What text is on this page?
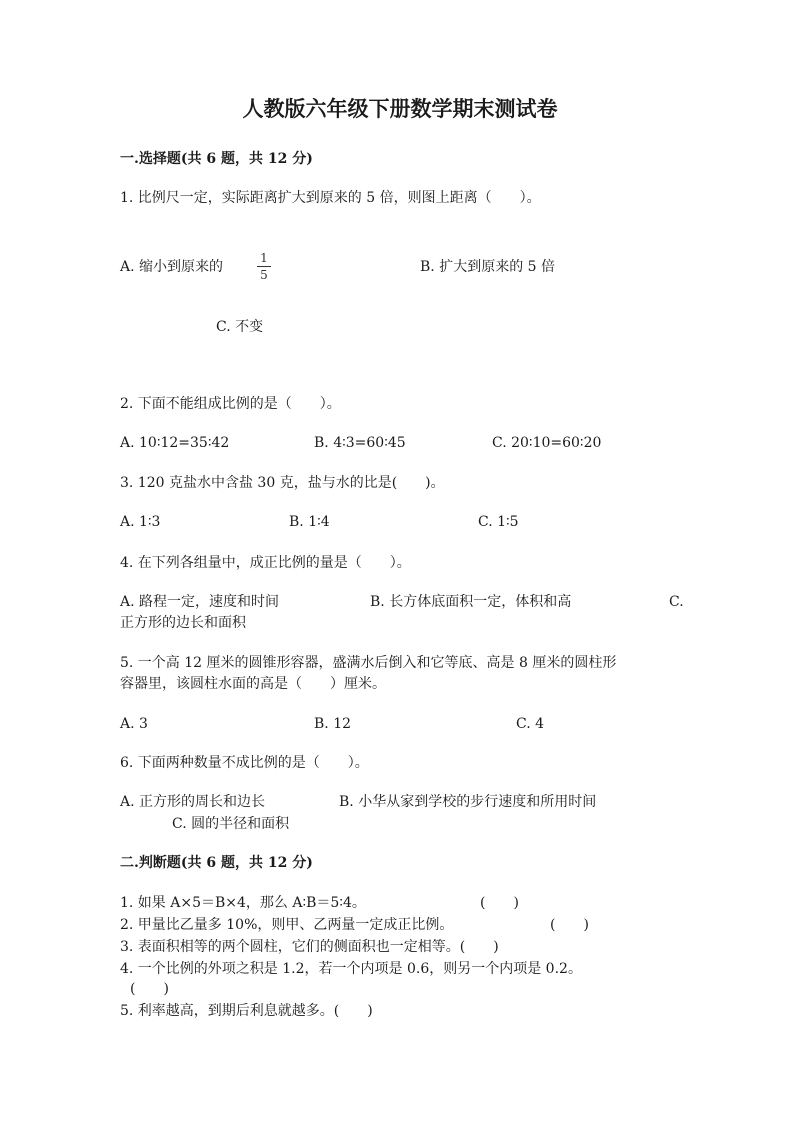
人教版六年级下册数学期末测试卷
一.选择题(共 6 题，共 12 分)
1. 比例尺一定，实际距离扩大到原来的 5 倍，则图上距离（　　）。
A. 缩小到原来的
1
5	B. 扩大到原来的 5 倍
C. 不变
2. 下面不能组成比例的是（　　）。
A. 10∶12=35∶42	B. 4∶3=60∶45	C. 20∶10=60∶20
3. 120 克盐水中含盐 30 克，盐与水的比是(　　)。
A. 1∶3	B. 1∶4	C. 1∶5
4. 在下列各组量中，成正比例的量是（　　）。
A. 路程一定，速度和时间	B. 长方体底面积一定，体积和高	C.
正方形的边长和面积
5. 一个高 12 厘米的圆锥形容器，盛满水后倒入和它等底、高是 8 厘米的圆柱形
容器里，该圆柱水面的高是（　　）厘米。
A. 3	B. 12	C. 4
6. 下面两种数量不成比例的是（　　）。
A. 正方形的周长和边长	B. 小华从家到学校的步行速度和所用时间
C. 圆的半径和面积
二.判断题(共 6 题，共 12 分)
1. 如果 A×5＝B×4，那么 A∶B＝5∶4。	(　　)
2. 甲量比乙量多 10%，则甲、乙两量一定成正比例。	(　　)
3. 表面积相等的两个圆柱，它们的侧面积也一定相等。(　　)
4. 一个比例的外项之积是 1.2，若一个内项是 0.6，则另一个内项是 0.2。
(　　)
5. 利率越高，到期后利息就越多。(　　)
